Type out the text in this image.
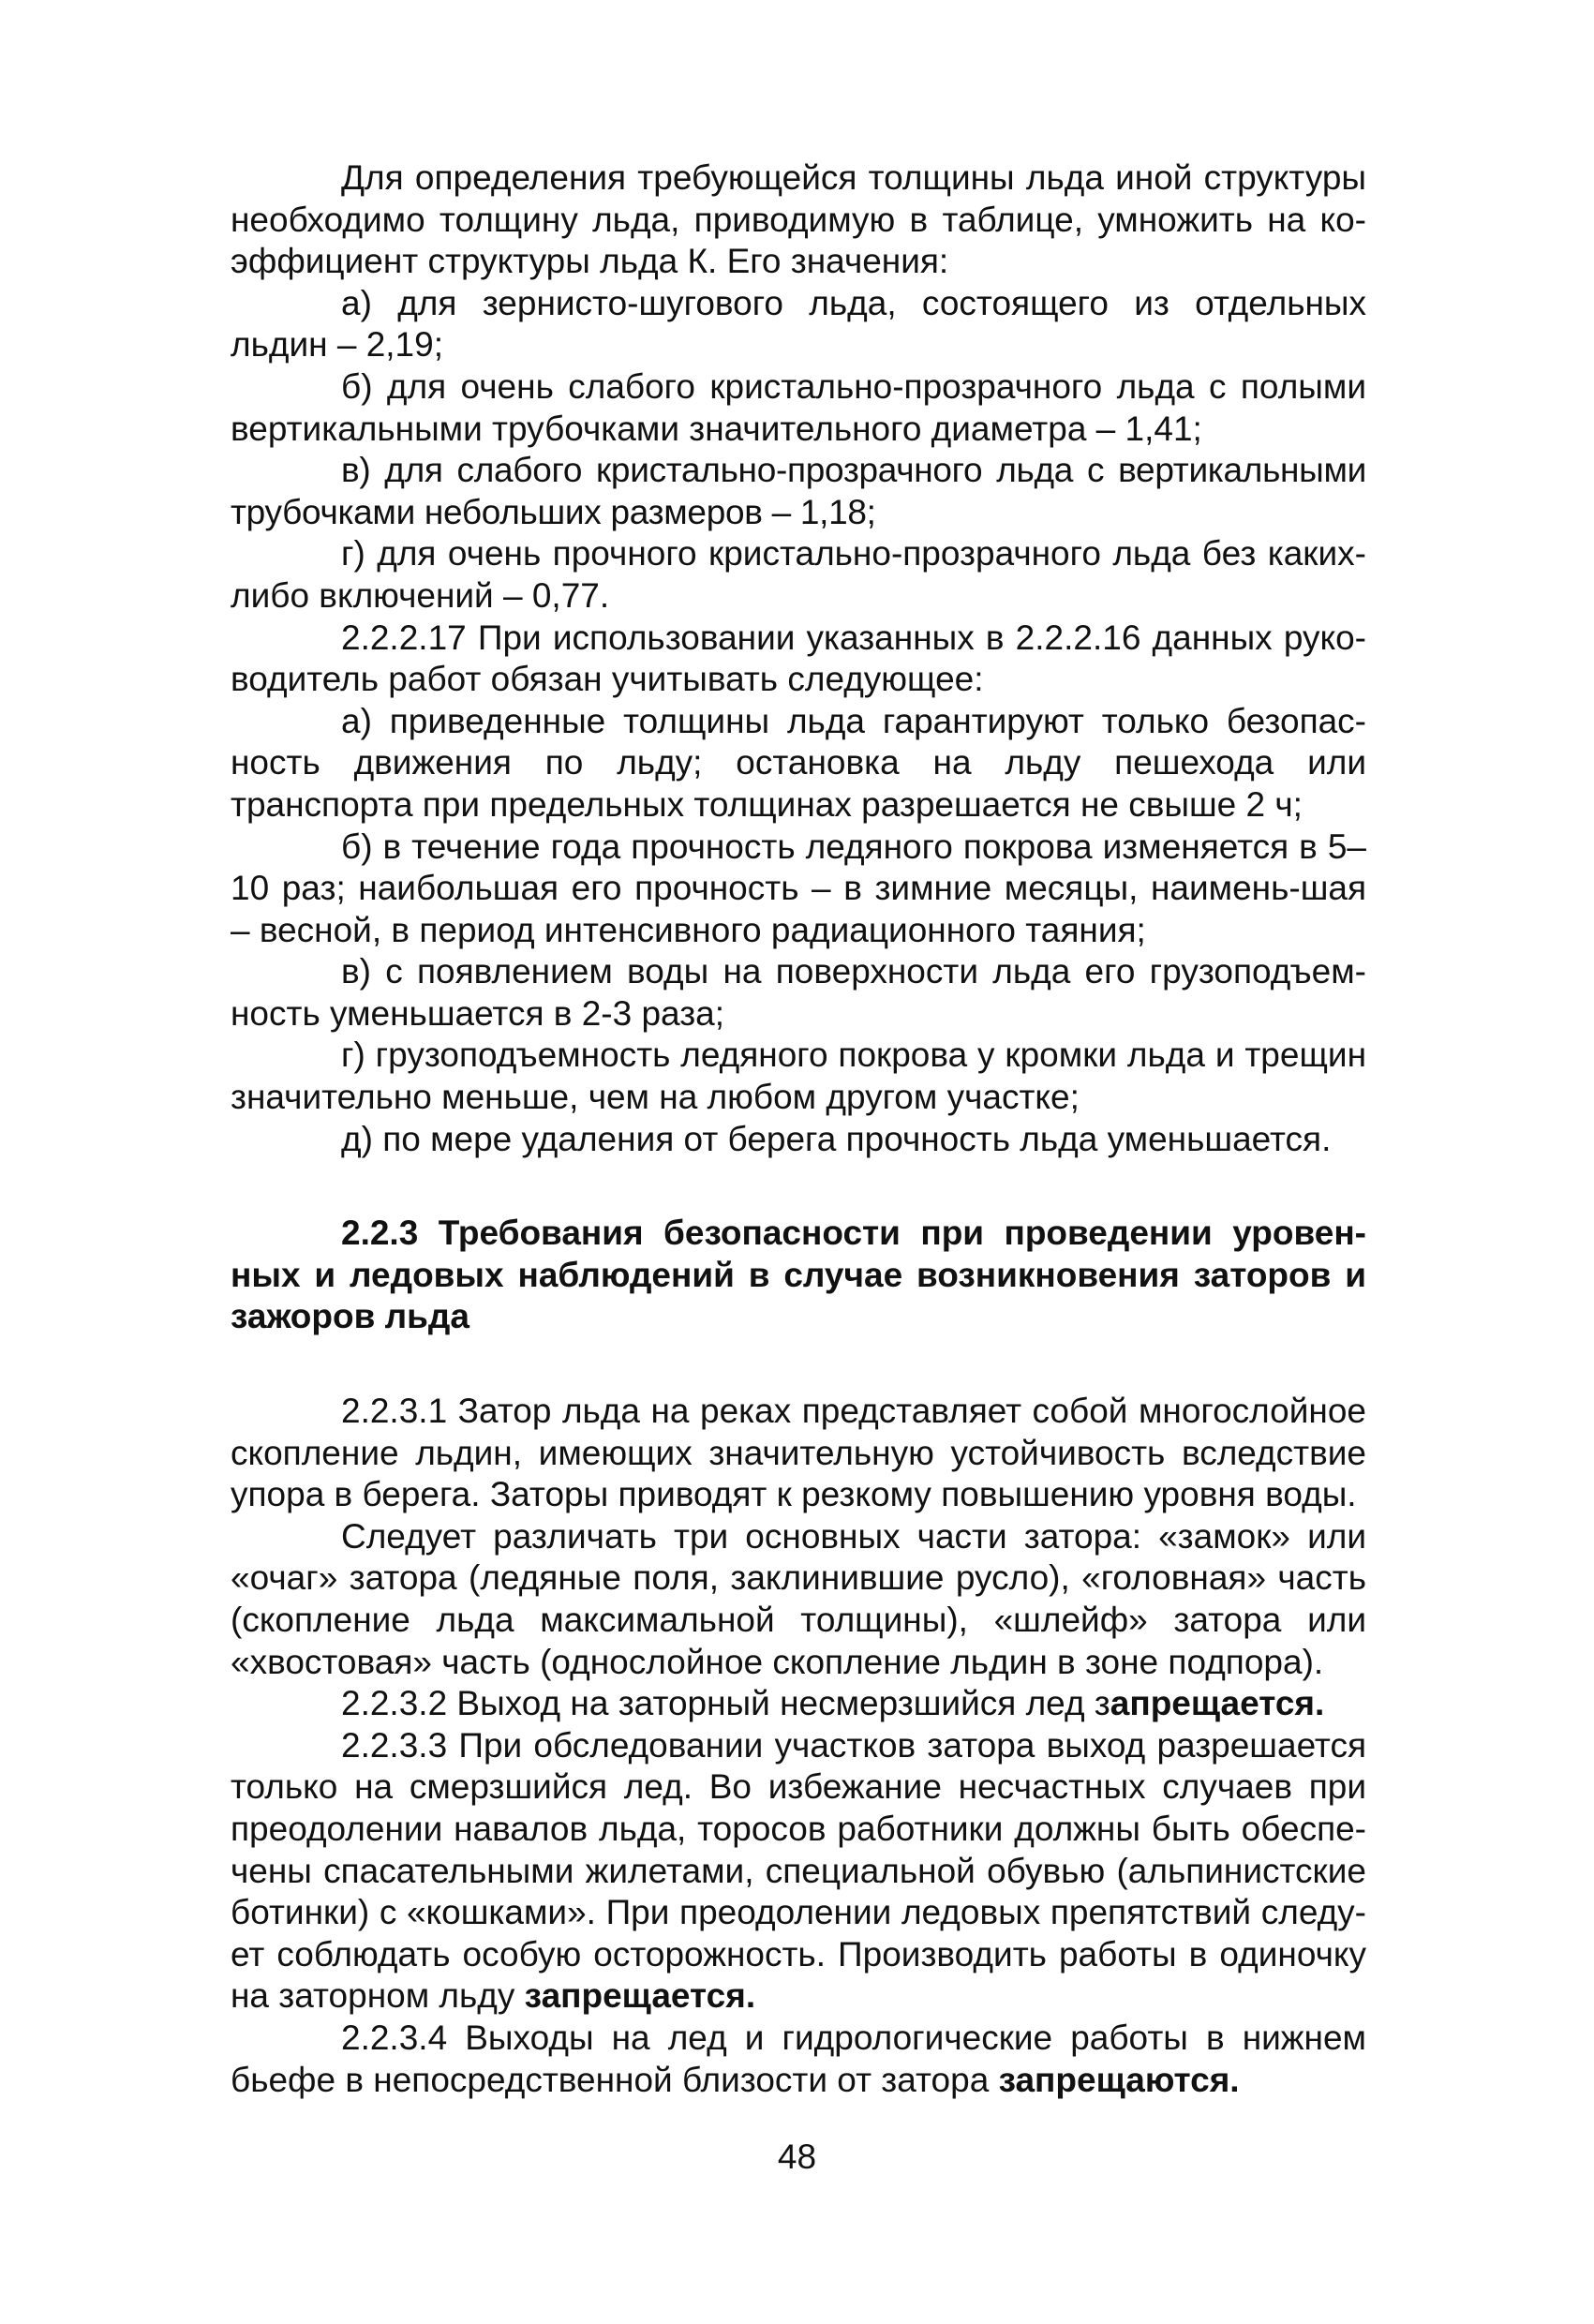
Для определения требующейся толщины льда иной структуры необходимо толщину льда, приводимую в таблице, умножить на ко-эффициент структуры льда К. Его значения:

а) для зернисто-шугового льда, состоящего из отдельных льдин – 2,19;

б) для очень слабого кристально-прозрачного льда с полыми вертикальными трубочками значительного диаметра – 1,41;

в) для слабого кристально-прозрачного льда с вертикальными трубочками небольших размеров – 1,18;

г) для очень прочного кристально-прозрачного льда без каких-либо включений – 0,77.

2.2.2.17 При использовании указанных в 2.2.2.16 данных руко-водитель работ обязан учитывать следующее:

а) приведенные толщины льда гарантируют только безопас-ность движения по льду; остановка на льду пешехода или транспорта при предельных толщинах разрешается не свыше 2 ч;

б) в течение года прочность ледяного покрова изменяется в 5–10 раз; наибольшая его прочность – в зимние месяцы, наимень-шая – весной, в период интенсивного радиационного таяния;

в) с появлением воды на поверхности льда его грузоподъем-ность уменьшается в 2-3 раза;

г) грузоподъемность ледяного покрова у кромки льда и трещин значительно меньше, чем на любом другом участке;

д) по мере удаления от берега прочность льда уменьшается.

2.2.3 Требования безопасности при проведении уровен-ных и ледовых наблюдений в случае возникновения заторов и зажоров льда

2.2.3.1 Затор льда на реках представляет собой многослойное скопление льдин, имеющих значительную устойчивость вследствие упора в берега. Заторы приводят к резкому повышению уровня воды.

Следует различать три основных части затора: «замок» или «очаг» затора (ледяные поля, заклинившие русло), «головная» часть (скопление льда максимальной толщины), «шлейф» затора или «хвостовая» часть (однослойное скопление льдин в зоне подпора).

2.2.3.2 Выход на заторный несмерзшийся лед запрещается.

2.2.3.3 При обследовании участков затора выход разрешается только на смерзшийся лед. Во избежание несчастных случаев при преодолении навалов льда, торосов работники должны быть обеспе-чены спасательными жилетами, специальной обувью (альпинистские ботинки) с «кошками». При преодолении ледовых препятствий следу-ет соблюдать особую осторожность. Производить работы в одиночку на заторном льду запрещается.

2.2.3.4 Выходы на лед и гидрологические работы в нижнем бьефе в непосредственной близости от затора запрещаются.

48
